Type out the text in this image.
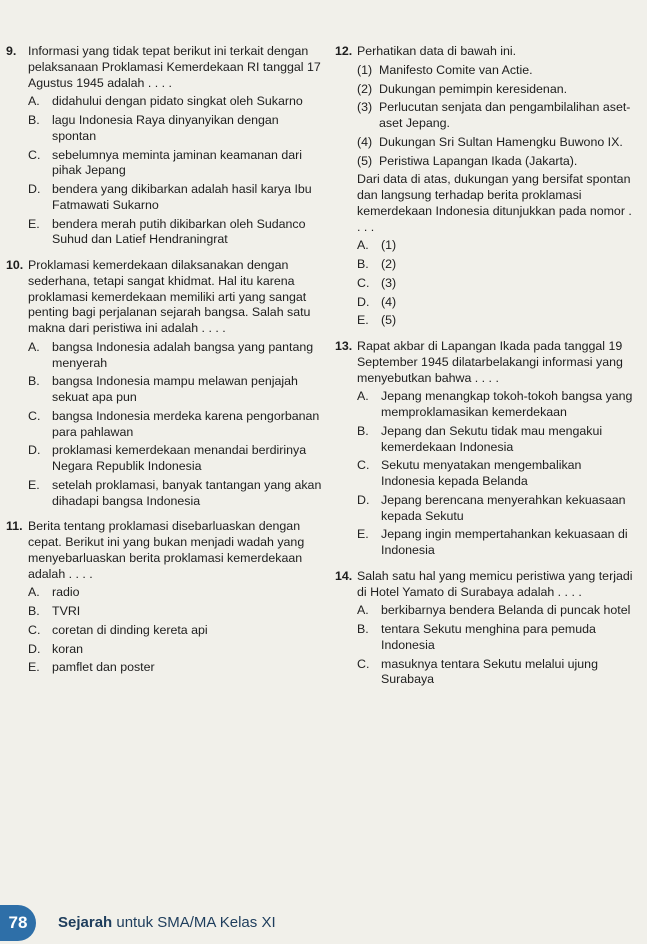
9. Informasi yang tidak tepat berikut ini terkait dengan pelaksanaan Proklamasi Kemerdekaan RI tanggal 17 Agustus 1945 adalah . . . .
A. didahului dengan pidato singkat oleh Sukarno
B. lagu Indonesia Raya dinyanyikan dengan spontan
C. sebelumnya meminta jaminan keamanan dari pihak Jepang
D. bendera yang dikibarkan adalah hasil karya Ibu Fatmawati Sukarno
E. bendera merah putih dikibarkan oleh Sudanco Suhud dan Latief Hendraningrat
10. Proklamasi kemerdekaan dilaksanakan dengan sederhana, tetapi sangat khidmat. Hal itu karena proklamasi kemerdekaan memiliki arti yang sangat penting bagi perjalanan sejarah bangsa. Salah satu makna dari peristiwa ini adalah . . . .
A. bangsa Indonesia adalah bangsa yang pantang menyerah
B. bangsa Indonesia mampu melawan penjajah sekuat apa pun
C. bangsa Indonesia merdeka karena pengorbanan para pahlawan
D. proklamasi kemerdekaan menandai berdirinya Negara Republik Indonesia
E. setelah proklamasi, banyak tantangan yang akan dihadapi bangsa Indonesia
11. Berita tentang proklamasi disebarluaskan dengan cepat. Berikut ini yang bukan menjadi wadah yang menyebarluaskan berita proklamasi kemerdekaan adalah . . . .
A. radio
B. TVRI
C. coretan di dinding kereta api
D. koran
E. pamflet dan poster
12. Perhatikan data di bawah ini.
(1) Manifesto Comite van Actie.
(2) Dukungan pemimpin keresidenan.
(3) Perlucutan senjata dan pengambilalihan aset-aset Jepang.
(4) Dukungan Sri Sultan Hamengku Buwono IX.
(5) Peristiwa Lapangan Ikada (Jakarta).
Dari data di atas, dukungan yang bersifat spontan dan langsung terhadap berita proklamasi kemerdekaan Indonesia ditunjukkan pada nomor . . . .
A. (1)
B. (2)
C. (3)
D. (4)
E. (5)
13. Rapat akbar di Lapangan Ikada pada tanggal 19 September 1945 dilatarbelakangi informasi yang menyebutkan bahwa . . . .
A. Jepang menangkap tokoh-tokoh bangsa yang memproklamasikan kemerdekaan
B. Jepang dan Sekutu tidak mau mengakui kemerdekaan Indonesia
C. Sekutu menyatakan mengembalikan Indonesia kepada Belanda
D. Jepang berencana menyerahkan kekuasaan kepada Sekutu
E. Jepang ingin mempertahankan kekuasaan di Indonesia
14. Salah satu hal yang memicu peristiwa yang terjadi di Hotel Yamato di Surabaya adalah . . . .
A. berkibarnya bendera Belanda di puncak hotel
B. tentara Sekutu menghina para pemuda Indonesia
C. masuknya tentara Sekutu melalui ujung Surabaya
78	Sejarah untuk SMA/MA Kelas XI
